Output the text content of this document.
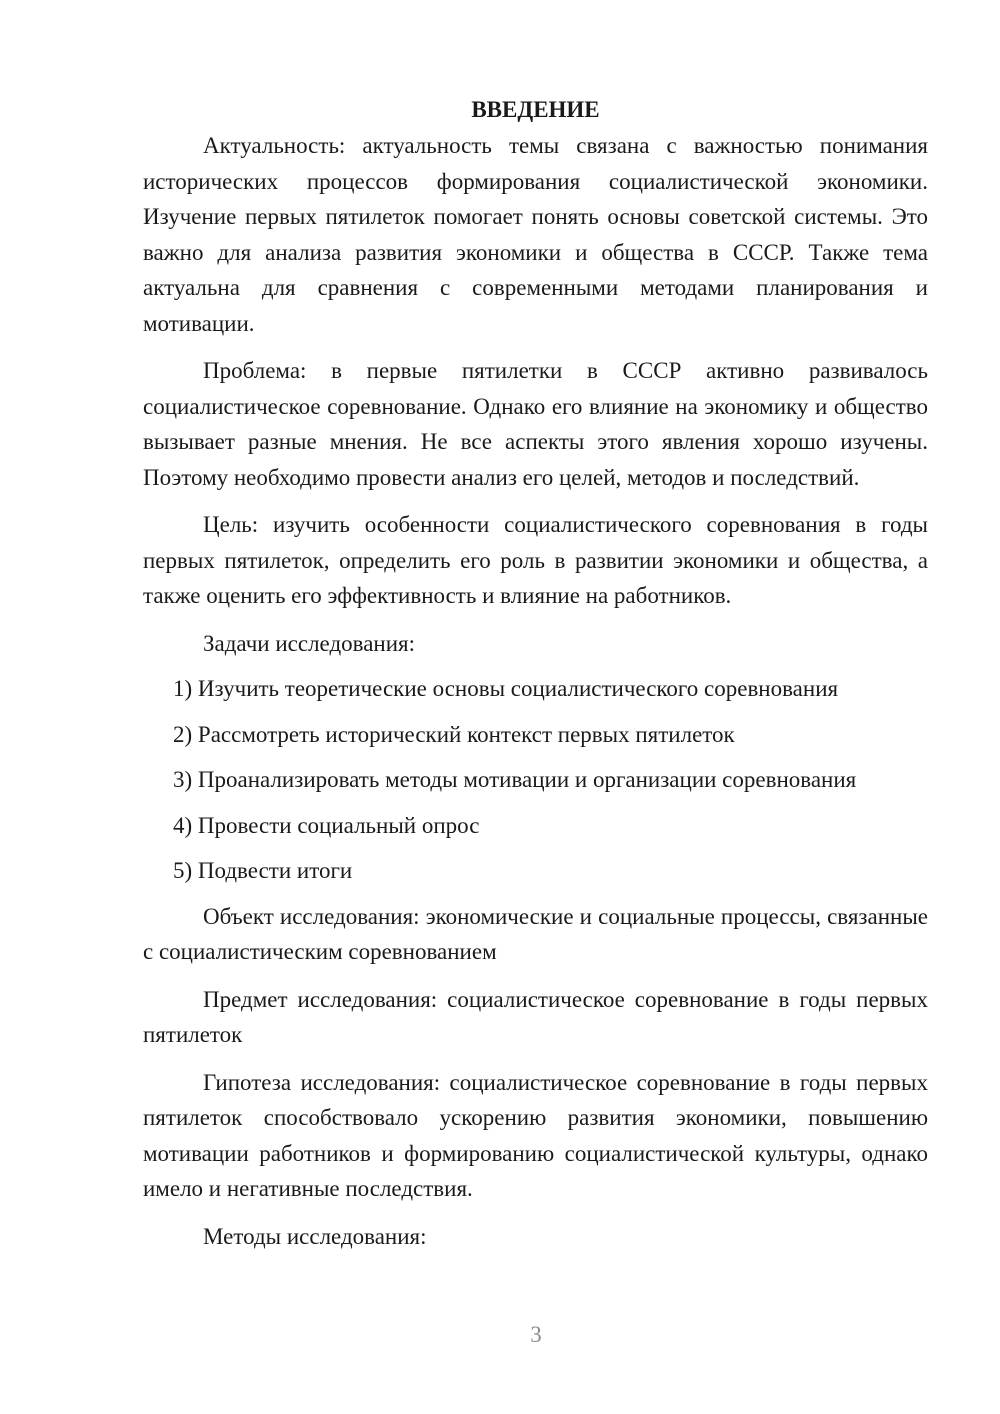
ВВЕДЕНИЕ

Актуальность: актуальность темы связана с важностью понимания исторических процессов формирования социалистической экономики. Изучение первых пятилеток помогает понять основы советской системы. Это важно для анализа развития экономики и общества в СССР. Также тема актуальна для сравнения с современными методами планирования и мотивации.

Проблема: в первые пятилетки в СССР активно развивалось социалистическое соревнование. Однако его влияние на экономику и общество вызывает разные мнения. Не все аспекты этого явления хорошо изучены. Поэтому необходимо провести анализ его целей, методов и последствий.

Цель: изучить особенности социалистического соревнования в годы первых пятилеток, определить его роль в развитии экономики и общества, а также оценить его эффективность и влияние на работников.

Задачи исследования:

1) Изучить теоретические основы социалистического соревнования
2) Рассмотреть исторический контекст первых пятилеток
3) Проанализировать методы мотивации и организации соревнования
4) Провести социальный опрос
5) Подвести итоги

Объект исследования: экономические и социальные процессы, связанные с социалистическим соревнованием

Предмет исследования: социалистическое соревнование в годы первых пятилеток

Гипотеза исследования: социалистическое соревнование в годы первых пятилеток способствовало ускорению развития экономики, повышению мотивации работников и формированию социалистической культуры, однако имело и негативные последствия.

Методы исследования:

3
